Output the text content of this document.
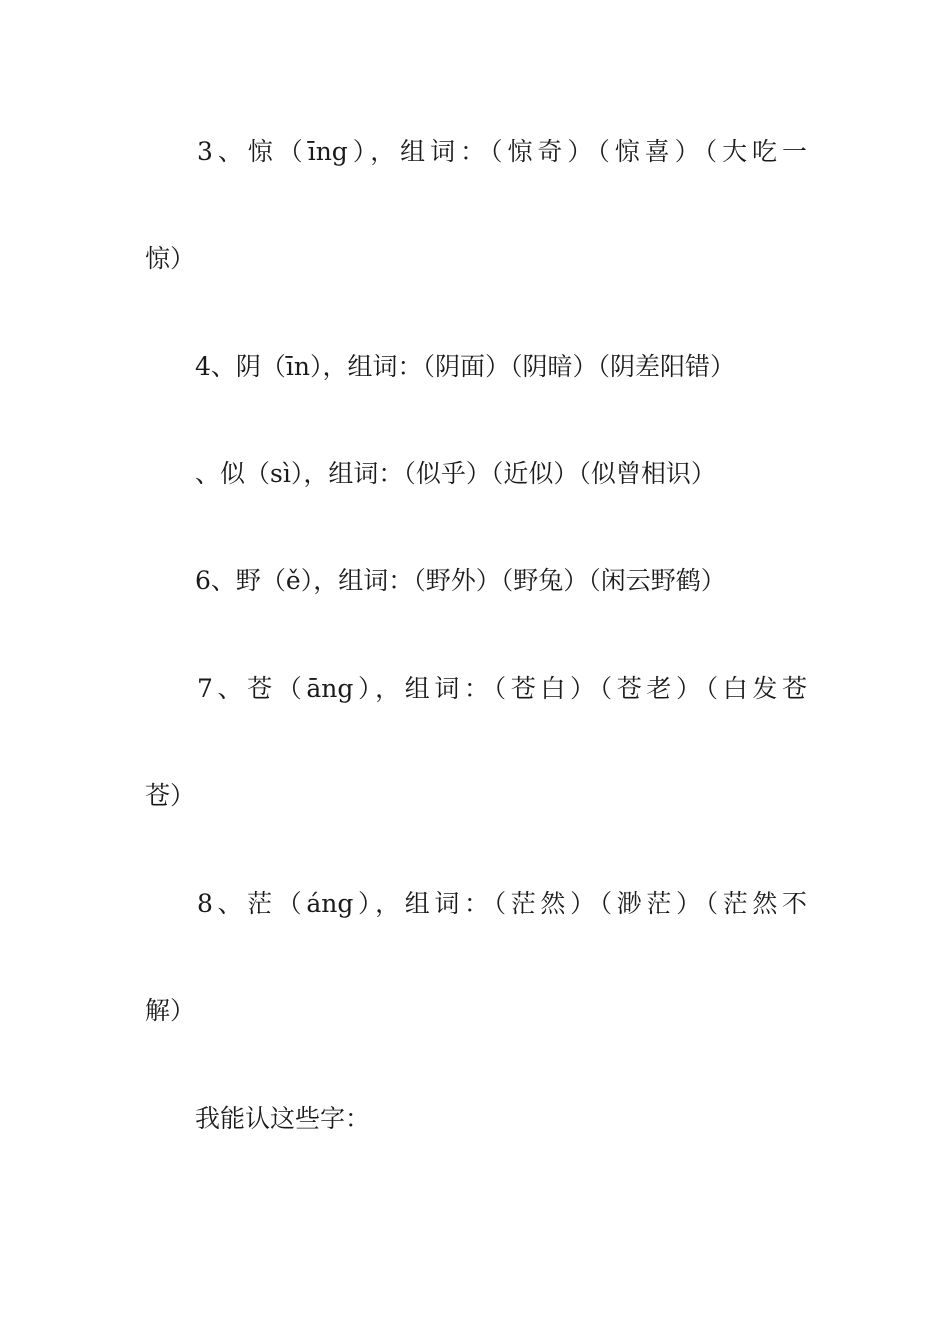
3、惊（īng），组词：（惊奇）（惊喜）（大吃一
惊）
4、阴（īn），组词：（阴面）（阴暗）（阴差阳错）
、似（sì），组词：（似乎）（近似）（似曾相识）
6、野（ě），组词：（野外）（野兔）（闲云野鹤）
7、苍（āng），组词：（苍白）（苍老）（白发苍
苍）
8、茫（áng），组词：（茫然）（渺茫）（茫然不
解）
我能认这些字：
